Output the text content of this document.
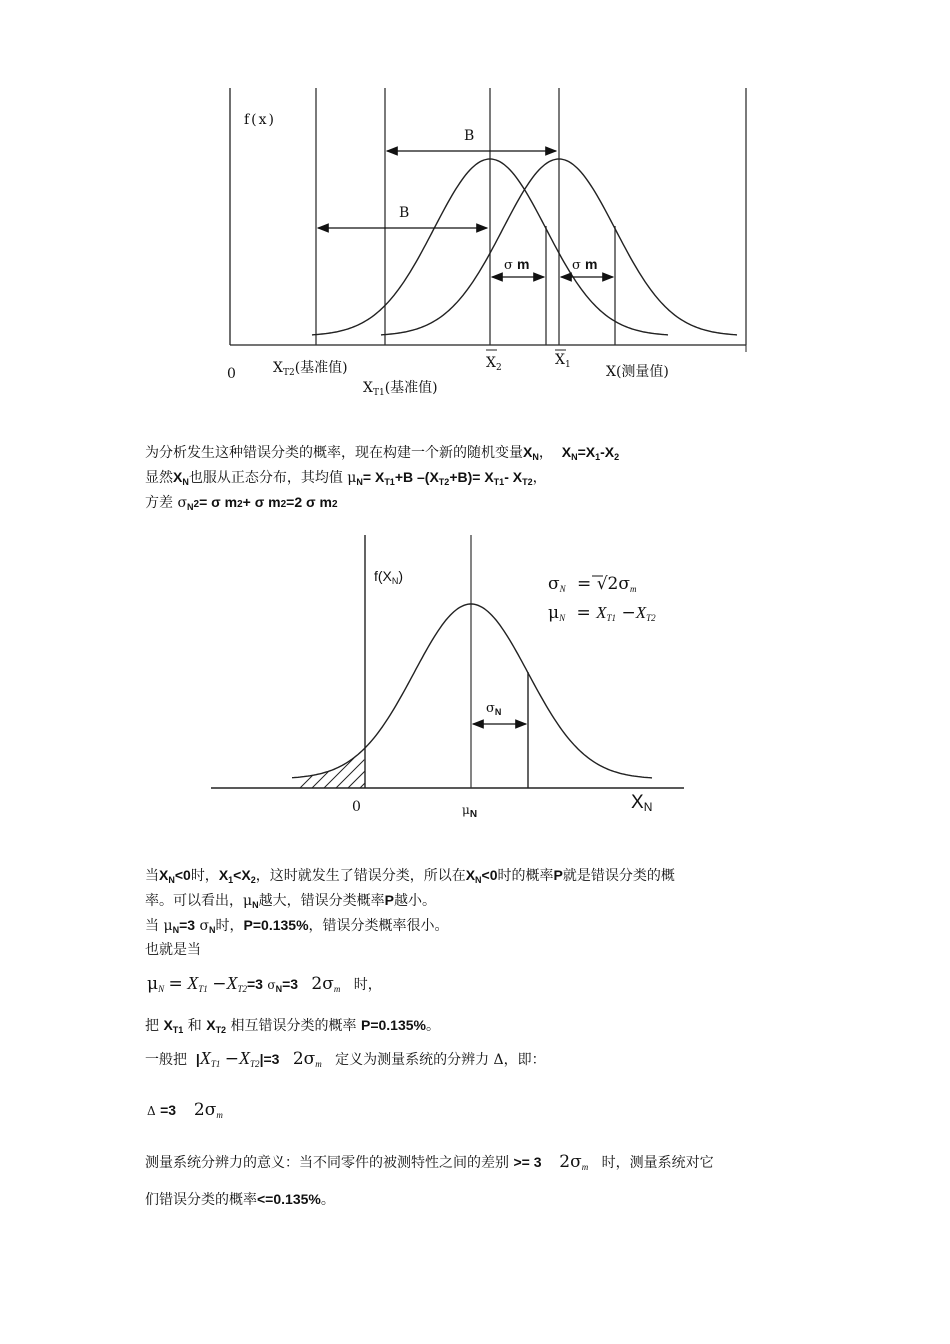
f(x)
B
B
σ m	σ m
0	$X_{T2}$(基准值)
$X_{T1}$(基准值)
$X_2$	$X_1$	X(测量值)
为分析发生这种错误分类的概率，现在构建一个新的随机变量$X_N$， $X_N=X_1-X_2$
显然$X_N$也服从正态分布，其均值 $\mu_N= X_{T1}+B$ $-(X_{T2}+B)= X_{T1}-$ $X_{T2}$，
方差 $\sigma_N2= \sigma$ m2+ σ m2=2 σ m2
$f(X_N)$
$\sigma_N$
0	$\mu_N$
$X_N$
$\sigma_N = √2\sigma_m$
$\mu_N = X_{T1} -X_{T2}$
当$X_N<0$时，$X_1<X_2$，这时就发生了错误分类，所以在$X_N<0$时的概率P就是错误分类的概
率。可以看出，$\mu_N$越大，错误分类概率P越小。
当 $\mu_N=3$ $\sigma_N$时，P=0.135%，错误分类概率很小。
也就是当
$\mu_N = X_{T1} -X_{T2}=3$ $\sigma_N=3$ $2\sigma_m$ 时，
把 $X_{T1}$ 和 $X_{T2}$ 相互错误分类的概率 P=0.135%。
一般把 $|X_{T1} -X_{T2}|=3$ $2\sigma_m$ 定义为测量系统的分辨力 Δ，即：
Δ =3 $2\sigma_m$
测量系统分辨力的意义：当不同零件的被测特性之间的差别 >= 3 $2\sigma_m$ 时，测量系统对它
们错误分类的概率<=0.135%。
